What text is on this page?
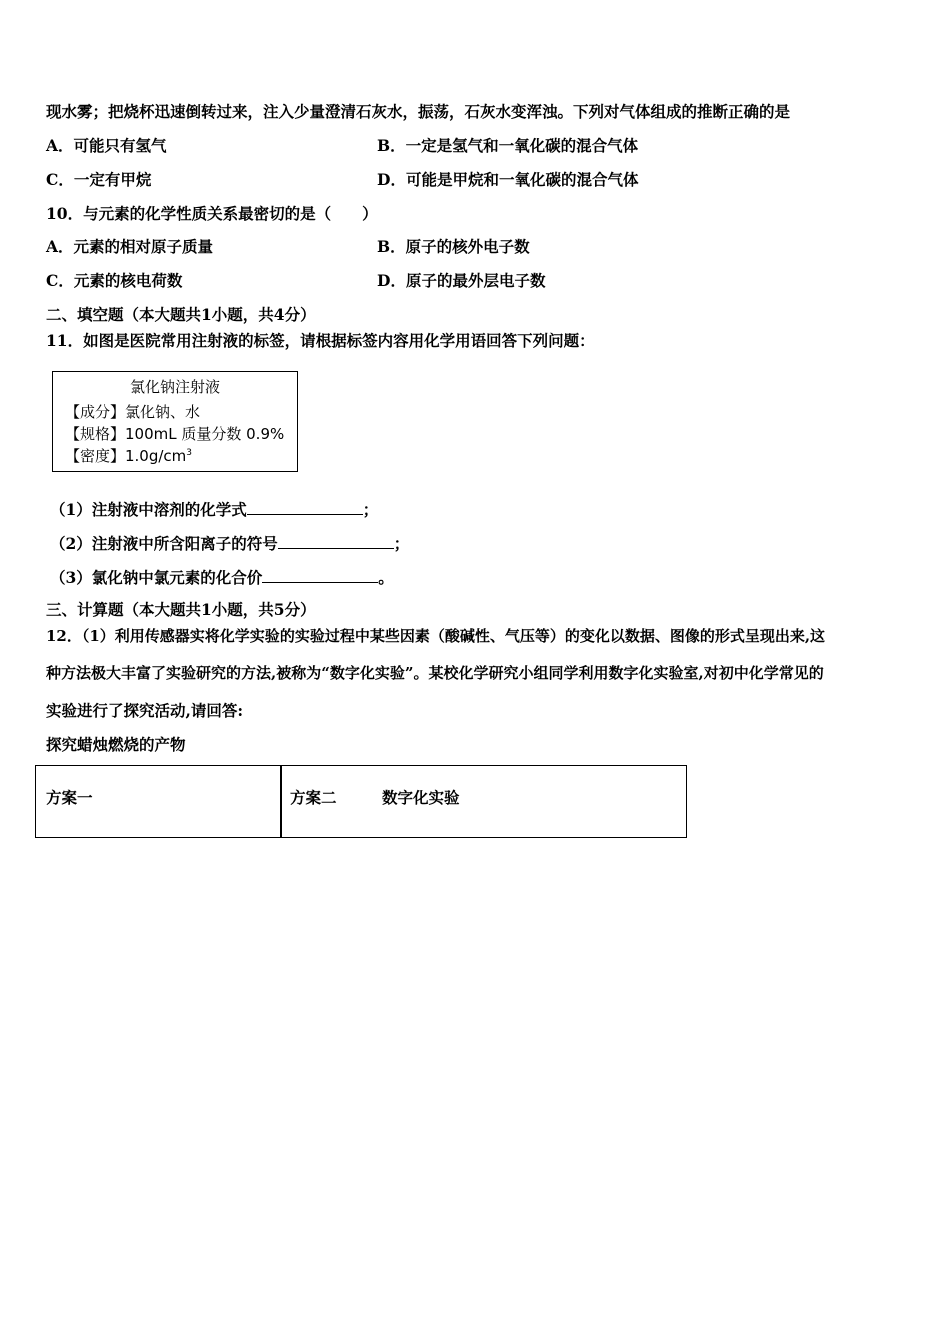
现水雾；把烧杯迅速倒转过来，注入少量澄清石灰水，振荡，石灰水变浑浊。下列对气体组成的推断正确的是
A．可能只有氢气	B．一定是氢气和一氧化碳的混合气体
C．一定有甲烷	D．可能是甲烷和一氧化碳的混合气体
10．与元素的化学性质关系最密切的是（　　）
A．元素的相对原子质量	B．原子的核外电子数
C．元素的核电荷数	D．原子的最外层电子数
二、填空题（本大题共1小题，共4分）
11．如图是医院常用注射液的标签，请根据标签内容用化学用语回答下列问题：
氯化钠注射液
【成分】氯化钠、水
【规格】100mL 质量分数 0.9%
【密度】$1.0g/cm^3$
（1）注射液中溶剂的化学式	；
（2）注射液中所含阳离子的符号	；
（3）氯化钠中氯元素的化合价	。
三、计算题（本大题共1小题，共5分）
12．（1）利用传感器实将化学实验的实验过程中某些因素（酸碱性、气压等）的变化以数据、图像的形式呈现出来,这
种方法极大丰富了实验研究的方法,被称为“数字化实验”。某校化学研究小组同学利用数字化实验室,对初中化学常见的
实验进行了探究活动,请回答:
探究蜡烛燃烧的产物
方案一	方案二	数字化实验
